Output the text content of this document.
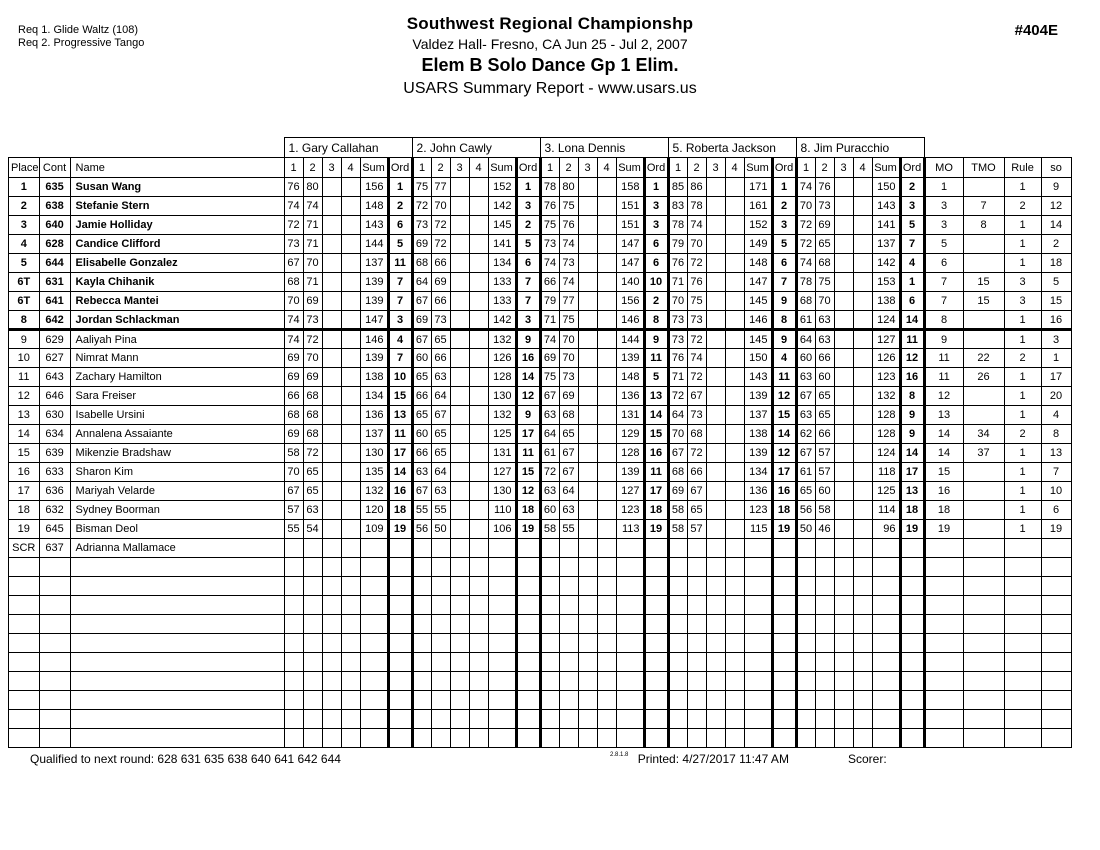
Req 1. Glide Waltz (108)
Req 2. Progressive Tango
Southwest Regional Championshp
Valdez Hall- Fresno, CA Jun 25 - Jul 2, 2007
Elem B Solo Dance Gp 1 Elim.
USARS Summary Report - www.usars.us
#404E
			1. Gary Callahan						2. John Cawly						3. Lona Dennis						5. Roberta Jackson						8. Jim Puracchio									
Place	Cont	Name	1	2	3	4	Sum	Ord	1	2	3	4	Sum	Ord	1	2	3	4	Sum	Ord	1	2	3	4	Sum	Ord	1	2	3	4	Sum	Ord	MO	TMO	Rule	so
1	635	Susan Wang	76	80			156	1	75	77			152	1	78	80			158	1	85	86			171	1	74	76			150	2	1		1	9
2	638	Stefanie Stern	74	74			148	2	72	70			142	3	76	75			151	3	83	78			161	2	70	73			143	3	3	7	2	12
3	640	Jamie Holliday	72	71			143	6	73	72			145	2	75	76			151	3	78	74			152	3	72	69			141	5	3	8	1	14
4	628	Candice Clifford	73	71			144	5	69	72			141	5	73	74			147	6	79	70			149	5	72	65			137	7	5		1	2
5	644	Elisabelle Gonzalez	67	70			137	11	68	66			134	6	74	73			147	6	76	72			148	6	74	68			142	4	6		1	18
6T	631	Kayla Chihanik	68	71			139	7	64	69			133	7	66	74			140	10	71	76			147	7	78	75			153	1	7	15	3	5
6T	641	Rebecca Mantei	70	69			139	7	67	66			133	7	79	77			156	2	70	75			145	9	68	70			138	6	7	15	3	15
8	642	Jordan Schlackman	74	73			147	3	69	73			142	3	71	75			146	8	73	73			146	8	61	63			124	14	8		1	16
9	629	Aaliyah Pina	74	72			146	4	67	65			132	9	74	70			144	9	73	72			145	9	64	63			127	11	9		1	3
10	627	Nimrat Mann	69	70			139	7	60	66			126	16	69	70			139	11	76	74			150	4	60	66			126	12	11	22	2	1
11	643	Zachary Hamilton	69	69			138	10	65	63			128	14	75	73			148	5	71	72			143	11	63	60			123	16	11	26	1	17
12	646	Sara Freiser	66	68			134	15	66	64			130	12	67	69			136	13	72	67			139	12	67	65			132	8	12		1	20
13	630	Isabelle Ursini	68	68			136	13	65	67			132	9	63	68			131	14	64	73			137	15	63	65			128	9	13		1	4
14	634	Annalena Assaiante	69	68			137	11	60	65			125	17	64	65			129	15	70	68			138	14	62	66			128	9	14	34	2	8
15	639	Mikenzie Bradshaw	58	72			130	17	66	65			131	11	61	67			128	16	67	72			139	12	67	57			124	14	14	37	1	13
16	633	Sharon Kim	70	65			135	14	63	64			127	15	72	67			139	11	68	66			134	17	61	57			118	17	15		1	7
17	636	Mariyah Velarde	67	65			132	16	67	63			130	12	63	64			127	17	69	67			136	16	65	60			125	13	16		1	10
18	632	Sydney Boorman	57	63			120	18	55	55			110	18	60	63			123	18	58	65			123	18	56	58			114	18	18		1	6
19	645	Bisman Deol	55	54			109	19	56	50			106	19	58	55			113	19	58	57			115	19	50	46			96	19	19		1	19
SCR	637	Adrianna Mallamace																																		

Qualified to next round: 628 631 635 638 640 641 642 644	$^{2.8.1.8}$ Printed: 4/27/2017 11:47 AM	Scorer:
